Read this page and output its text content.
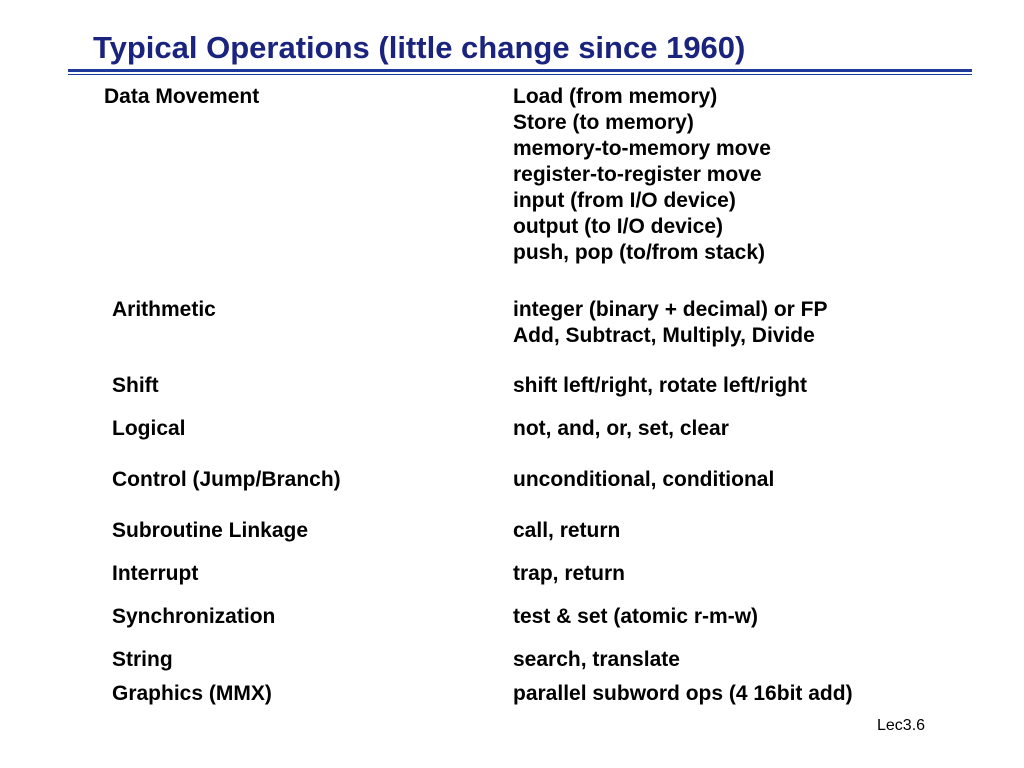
Typical Operations (little change since 1960)
Data Movement	Load (from memory)
Store (to memory)
memory-to-memory move
register-to-register move
input (from I/O device)
output (to I/O device)
push, pop (to/from stack)
Arithmetic	integer (binary + decimal) or FP
Add, Subtract, Multiply, Divide
Shift	shift left/right, rotate left/right
Logical	not, and, or, set, clear
Control (Jump/Branch)	unconditional, conditional
Subroutine Linkage	call, return
Interrupt	trap, return
Synchronization	test & set (atomic r-m-w)
String	search, translate
Graphics (MMX)	parallel subword ops (4 16bit add)
Lec3.6
